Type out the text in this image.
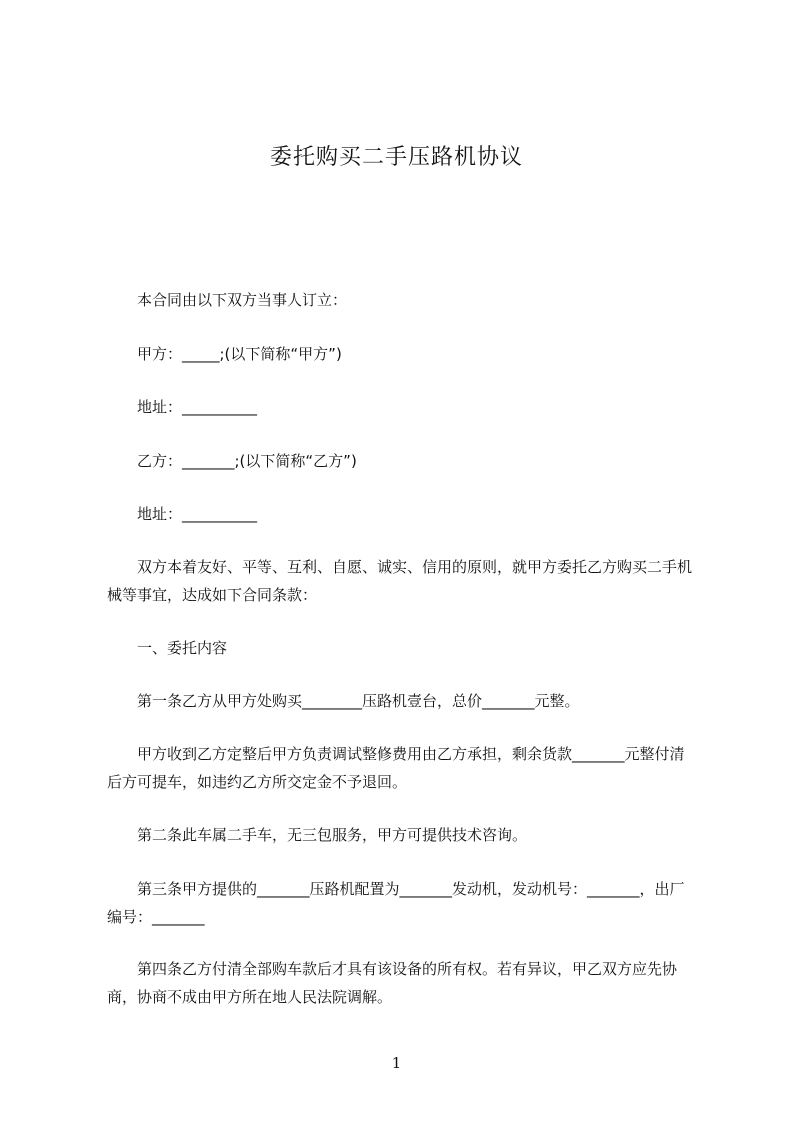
委托购买二手压路机协议
本合同由以下双方当事人订立：
甲方：_____;(以下简称“甲方”)
地址：__________
乙方：_______;(以下简称“乙方”)
地址：__________
双方本着友好、平等、互利、自愿、诚实、信用的原则，就甲方委托乙方购买二手机械等事宜，达成如下合同条款：
一、委托内容
第一条乙方从甲方处购买________压路机壹台，总价_______元整。
甲方收到乙方定整后甲方负责调试整修费用由乙方承担，剩余货款_______元整付清后方可提车，如违约乙方所交定金不予退回。
第二条此车属二手车，无三包服务，甲方可提供技术咨询。
第三条甲方提供的_______压路机配置为_______发动机，发动机号：_______，出厂编号：_______
第四条乙方付清全部购车款后才具有该设备的所有权。若有异议，甲乙双方应先协商，协商不成由甲方所在地人民法院调解。
1
